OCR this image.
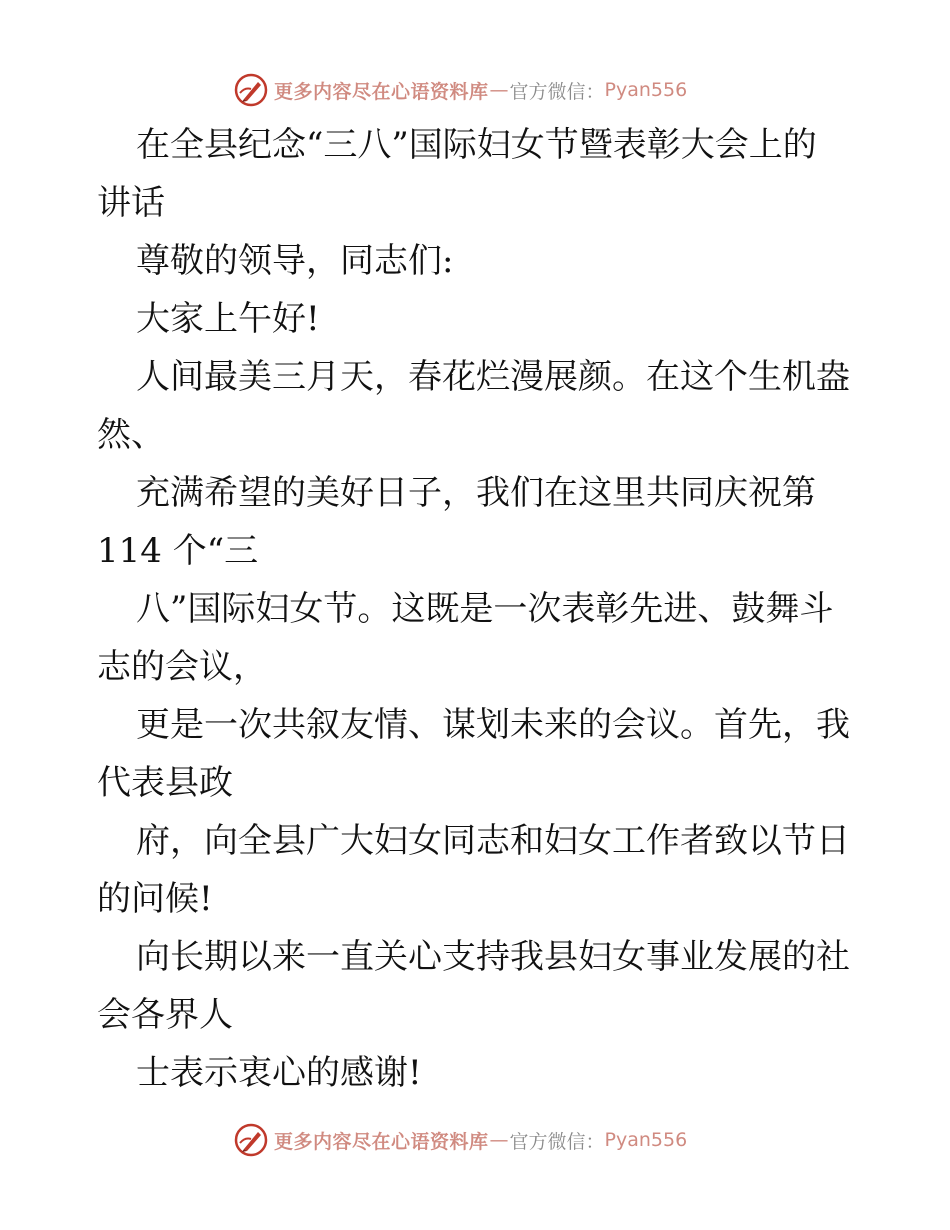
更多内容尽在心语资料库 — 官方微信： Pyan556
在全县纪念“三八”国际妇女节暨表彰大会上的
讲话
尊敬的领导，同志们:
大家上午好!
人间最美三月天，春花烂漫展颜。在这个生机盎
然、
充满希望的美好日子，我们在这里共同庆祝第
114 个“三
八”国际妇女节。这既是一次表彰先进、鼓舞斗
志的会议，
更是一次共叙友情、谋划未来的会议。首先，我
代表县政
府，向全县广大妇女同志和妇女工作者致以节日
的问候!
向长期以来一直关心支持我县妇女事业发展的社
会各界人
士表示衷心的感谢!
更多内容尽在心语资料库 — 官方微信： Pyan556
